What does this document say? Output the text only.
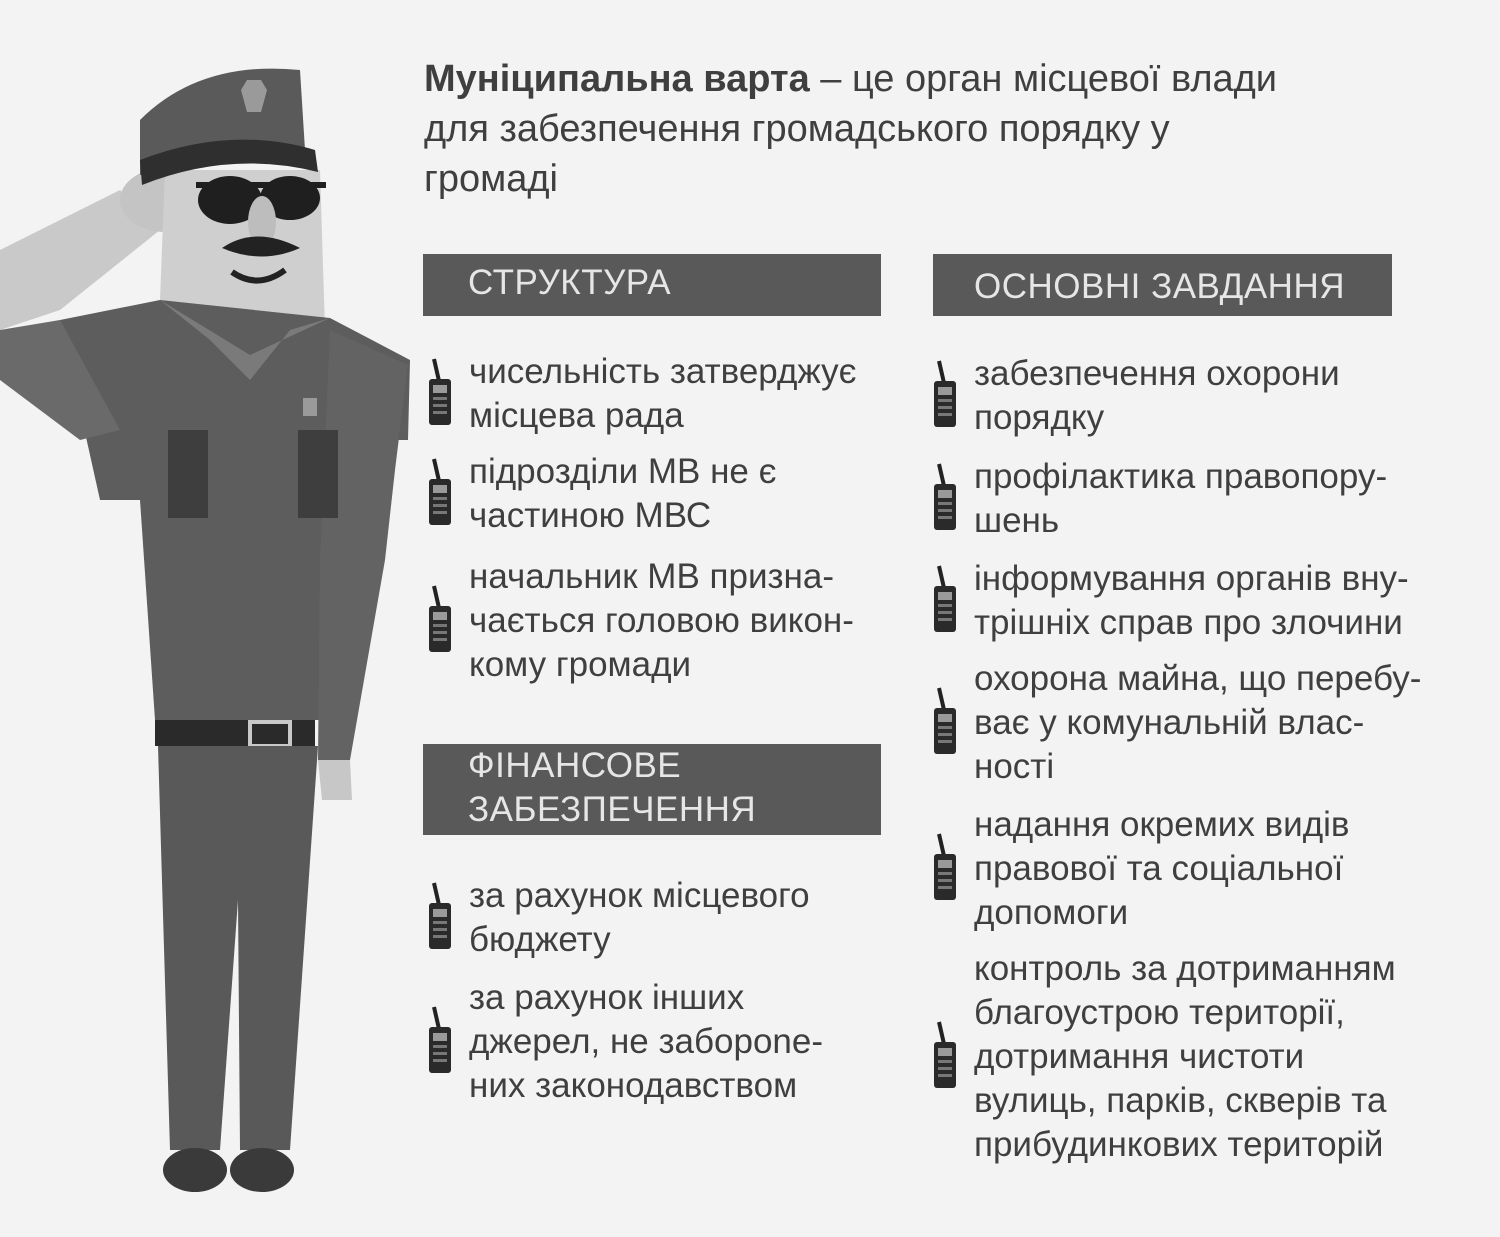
Муніципальна варта – це орган місцевої влади
для забезпечення громадського порядку у
громаді

СТРУКТУРА
ФІНАНСОВЕ
ЗАБЕЗПЕЧЕННЯ
ОСНОВНІ ЗАВДАННЯ
чисельність затверджує
місцева рада
підрозділи МВ не є
частиною МВС
начальник МВ призна-
чається головою викон-
кому громади
за рахунок місцевого
бюджету
за рахунок інших
джерел, не заборone-
них законодавством
забезпечення охорони
порядку
профілактика правопору-
шень
інформування органів вну-
трішніх справ про злочини
охорона майна, що перебу-
ває у комунальній влас-
ності
надання окремих видів
правової та соціальної
допомоги
контроль за дотриманням
благоустрою території,
дотримання чистоти
вулиць, парків, скверів та
прибудинкових територій
